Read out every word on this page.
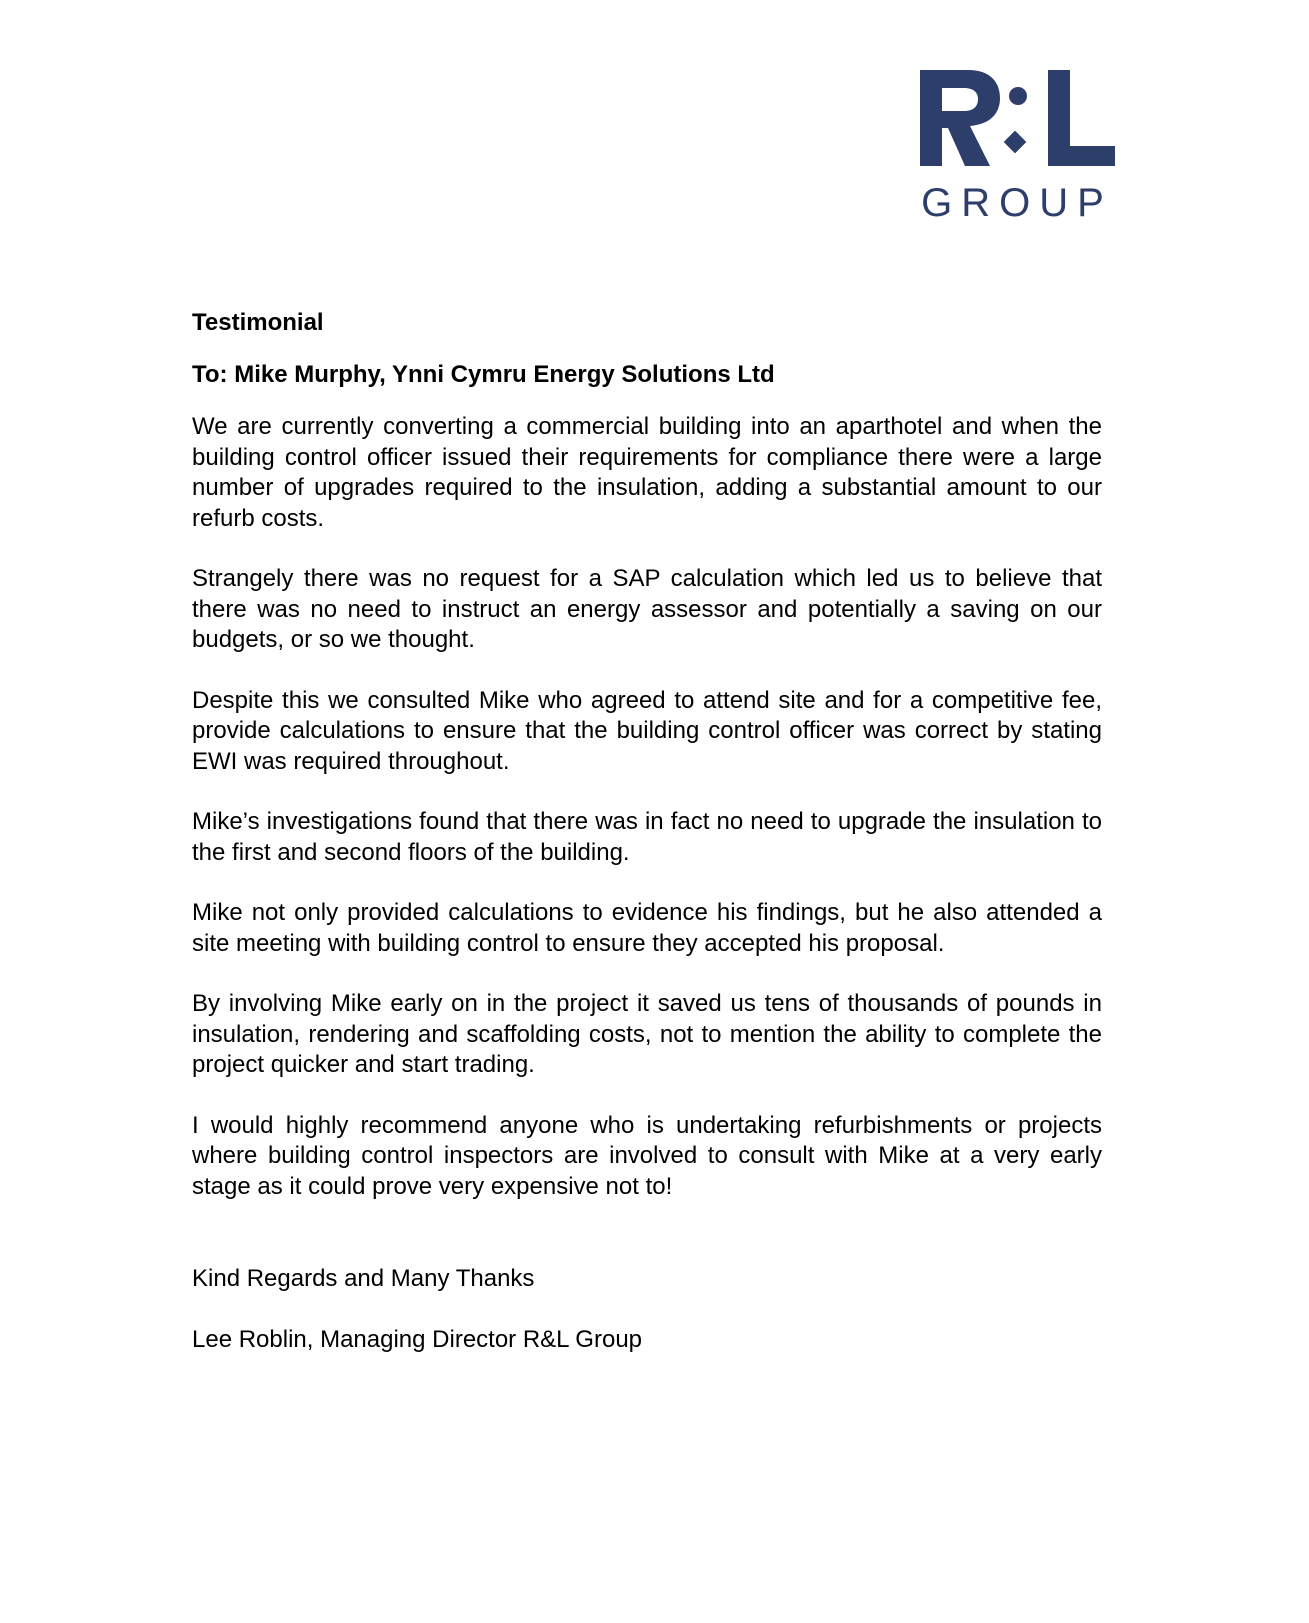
GROUP

Testimonial

To: Mike Murphy, Ynni Cymru Energy Solutions Ltd

We are currently converting a commercial building into an aparthotel and when the building control officer issued their requirements for compliance there were a large number of upgrades required to the insulation, adding a substantial amount to our refurb costs.

Strangely there was no request for a SAP calculation which led us to believe that there was no need to instruct an energy assessor and potentially a saving on our budgets, or so we thought.

Despite this we consulted Mike who agreed to attend site and for a competitive fee, provide calculations to ensure that the building control officer was correct by stating EWI was required throughout.

Mike’s investigations found that there was in fact no need to upgrade the insulation to the first and second floors of the building.

Mike not only provided calculations to evidence his findings, but he also attended a site meeting with building control to ensure they accepted his proposal.

By involving Mike early on in the project it saved us tens of thousands of pounds in insulation, rendering and scaffolding costs, not to mention the ability to complete the project quicker and start trading.

I would highly recommend anyone who is undertaking refurbishments or projects where building control inspectors are involved to consult with Mike at a very early stage as it could prove very expensive not to!

Kind Regards and Many Thanks

Lee Roblin, Managing Director R&L Group
